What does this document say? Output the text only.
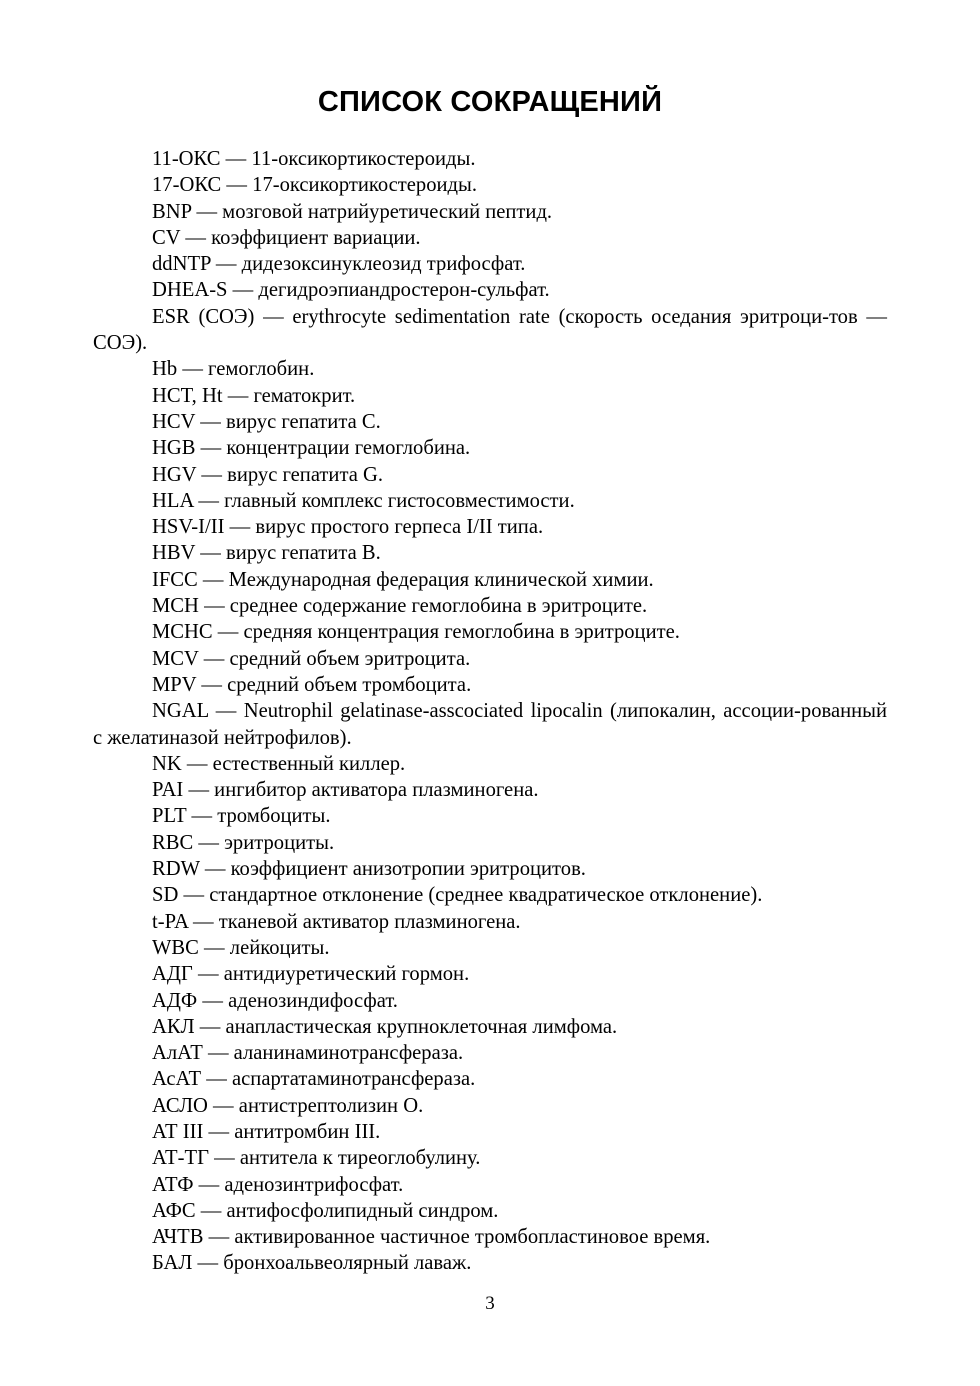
СПИСОК СОКРАЩЕНИЙ

11-ОКС — 11-оксикортикостероиды.

17-ОКС — 17-оксикортикостероиды.

BNP — мозговой натрийуретический пептид.

CV — коэффициент вариации.

ddNTP — дидезоксинуклеозид трифосфат.

DHEA-S — дегидроэпиандростерон-сульфат.

ESR (СОЭ) — erythrocyte sedimentation rate (скорость оседания эритроци-тов — СОЭ).

Hb — гемоглобин.

HCT, Ht — гематокрит.

HCV — вирус гепатита С.

HGB — концентрации гемоглобина.

HGV — вирус гепатита G.

HLA — главный комплекс гистосовместимости.

HSV-I/II — вирус простого герпеса I/II типа.

HBV — вирус гепатита В.

IFCC — Международная федерация клинической химии.

MCH — среднее содержание гемоглобина в эритроците.

MCHC — средняя концентрация гемоглобина в эритроците.

MCV — средний объем эритроцита.

MPV — средний объем тромбоцита.

NGAL — Neutrophil gelatinase-asscociated lipocalin (липокалин, ассоции-рованный с желатиназой нейтрофилов).

NK — естественный киллер.

PAI — ингибитор активатора плазминогена.

PLT — тромбоциты.

RBC — эритроциты.

RDW — коэффициент анизотропии эритроцитов.

SD — стандартное отклонение (среднее квадратическое отклонение).

t-PA — тканевой активатор плазминогена.

WBC — лейкоциты.

АДГ — антидиуретический гормон.

АДФ — аденозиндифосфат.

АКЛ — анапластическая крупноклеточная лимфома.

АлАТ — аланинаминотрансфераза.

АсАТ — аспартатаминотрансфераза.

АСЛО — антистрептолизин О.

АТ III — антитромбин III.

АТ-ТГ — антитела к тиреоглобулину.

АТФ — аденозинтрифосфат.

АФС — антифосфолипидный синдром.

АЧТВ — активированное частичное тромбопластиновое время.

БАЛ — бронхоальвеолярный лаваж.

3
